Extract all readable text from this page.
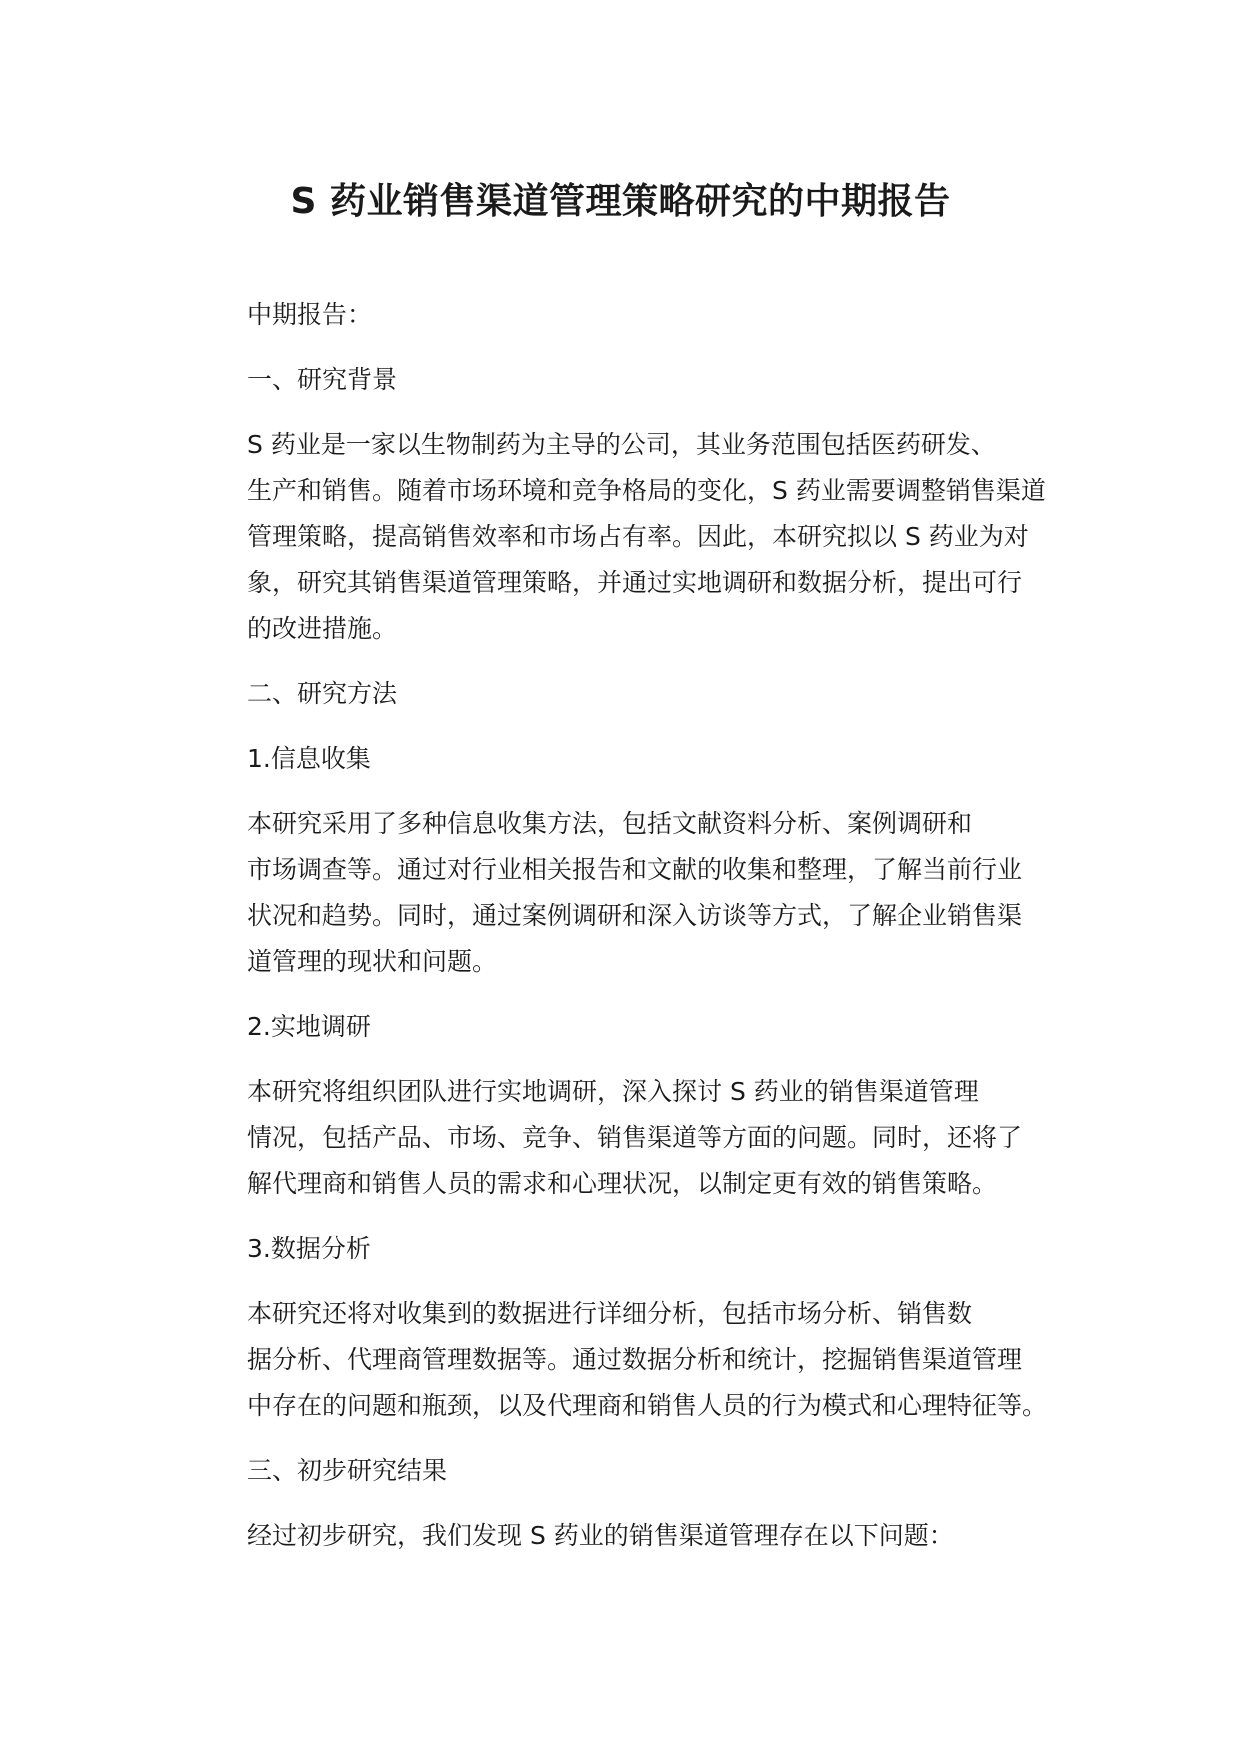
S 药业销售渠道管理策略研究的中期报告
中期报告：
一、研究背景
S 药业是一家以生物制药为主导的公司，其业务范围包括医药研发、
生产和销售。随着市场环境和竞争格局的变化，S 药业需要调整销售渠道
管理策略，提高销售效率和市场占有率。因此，本研究拟以 S 药业为对
象，研究其销售渠道管理策略，并通过实地调研和数据分析，提出可行
的改进措施。
二、研究方法
1.信息收集
本研究采用了多种信息收集方法，包括文献资料分析、案例调研和
市场调查等。通过对行业相关报告和文献的收集和整理，了解当前行业
状况和趋势。同时，通过案例调研和深入访谈等方式，了解企业销售渠
道管理的现状和问题。
2.实地调研
本研究将组织团队进行实地调研，深入探讨 S 药业的销售渠道管理
情况，包括产品、市场、竞争、销售渠道等方面的问题。同时，还将了
解代理商和销售人员的需求和心理状况，以制定更有效的销售策略。
3.数据分析
本研究还将对收集到的数据进行详细分析，包括市场分析、销售数
据分析、代理商管理数据等。通过数据分析和统计，挖掘销售渠道管理
中存在的问题和瓶颈，以及代理商和销售人员的行为模式和心理特征等。
三、初步研究结果
经过初步研究，我们发现 S 药业的销售渠道管理存在以下问题：
